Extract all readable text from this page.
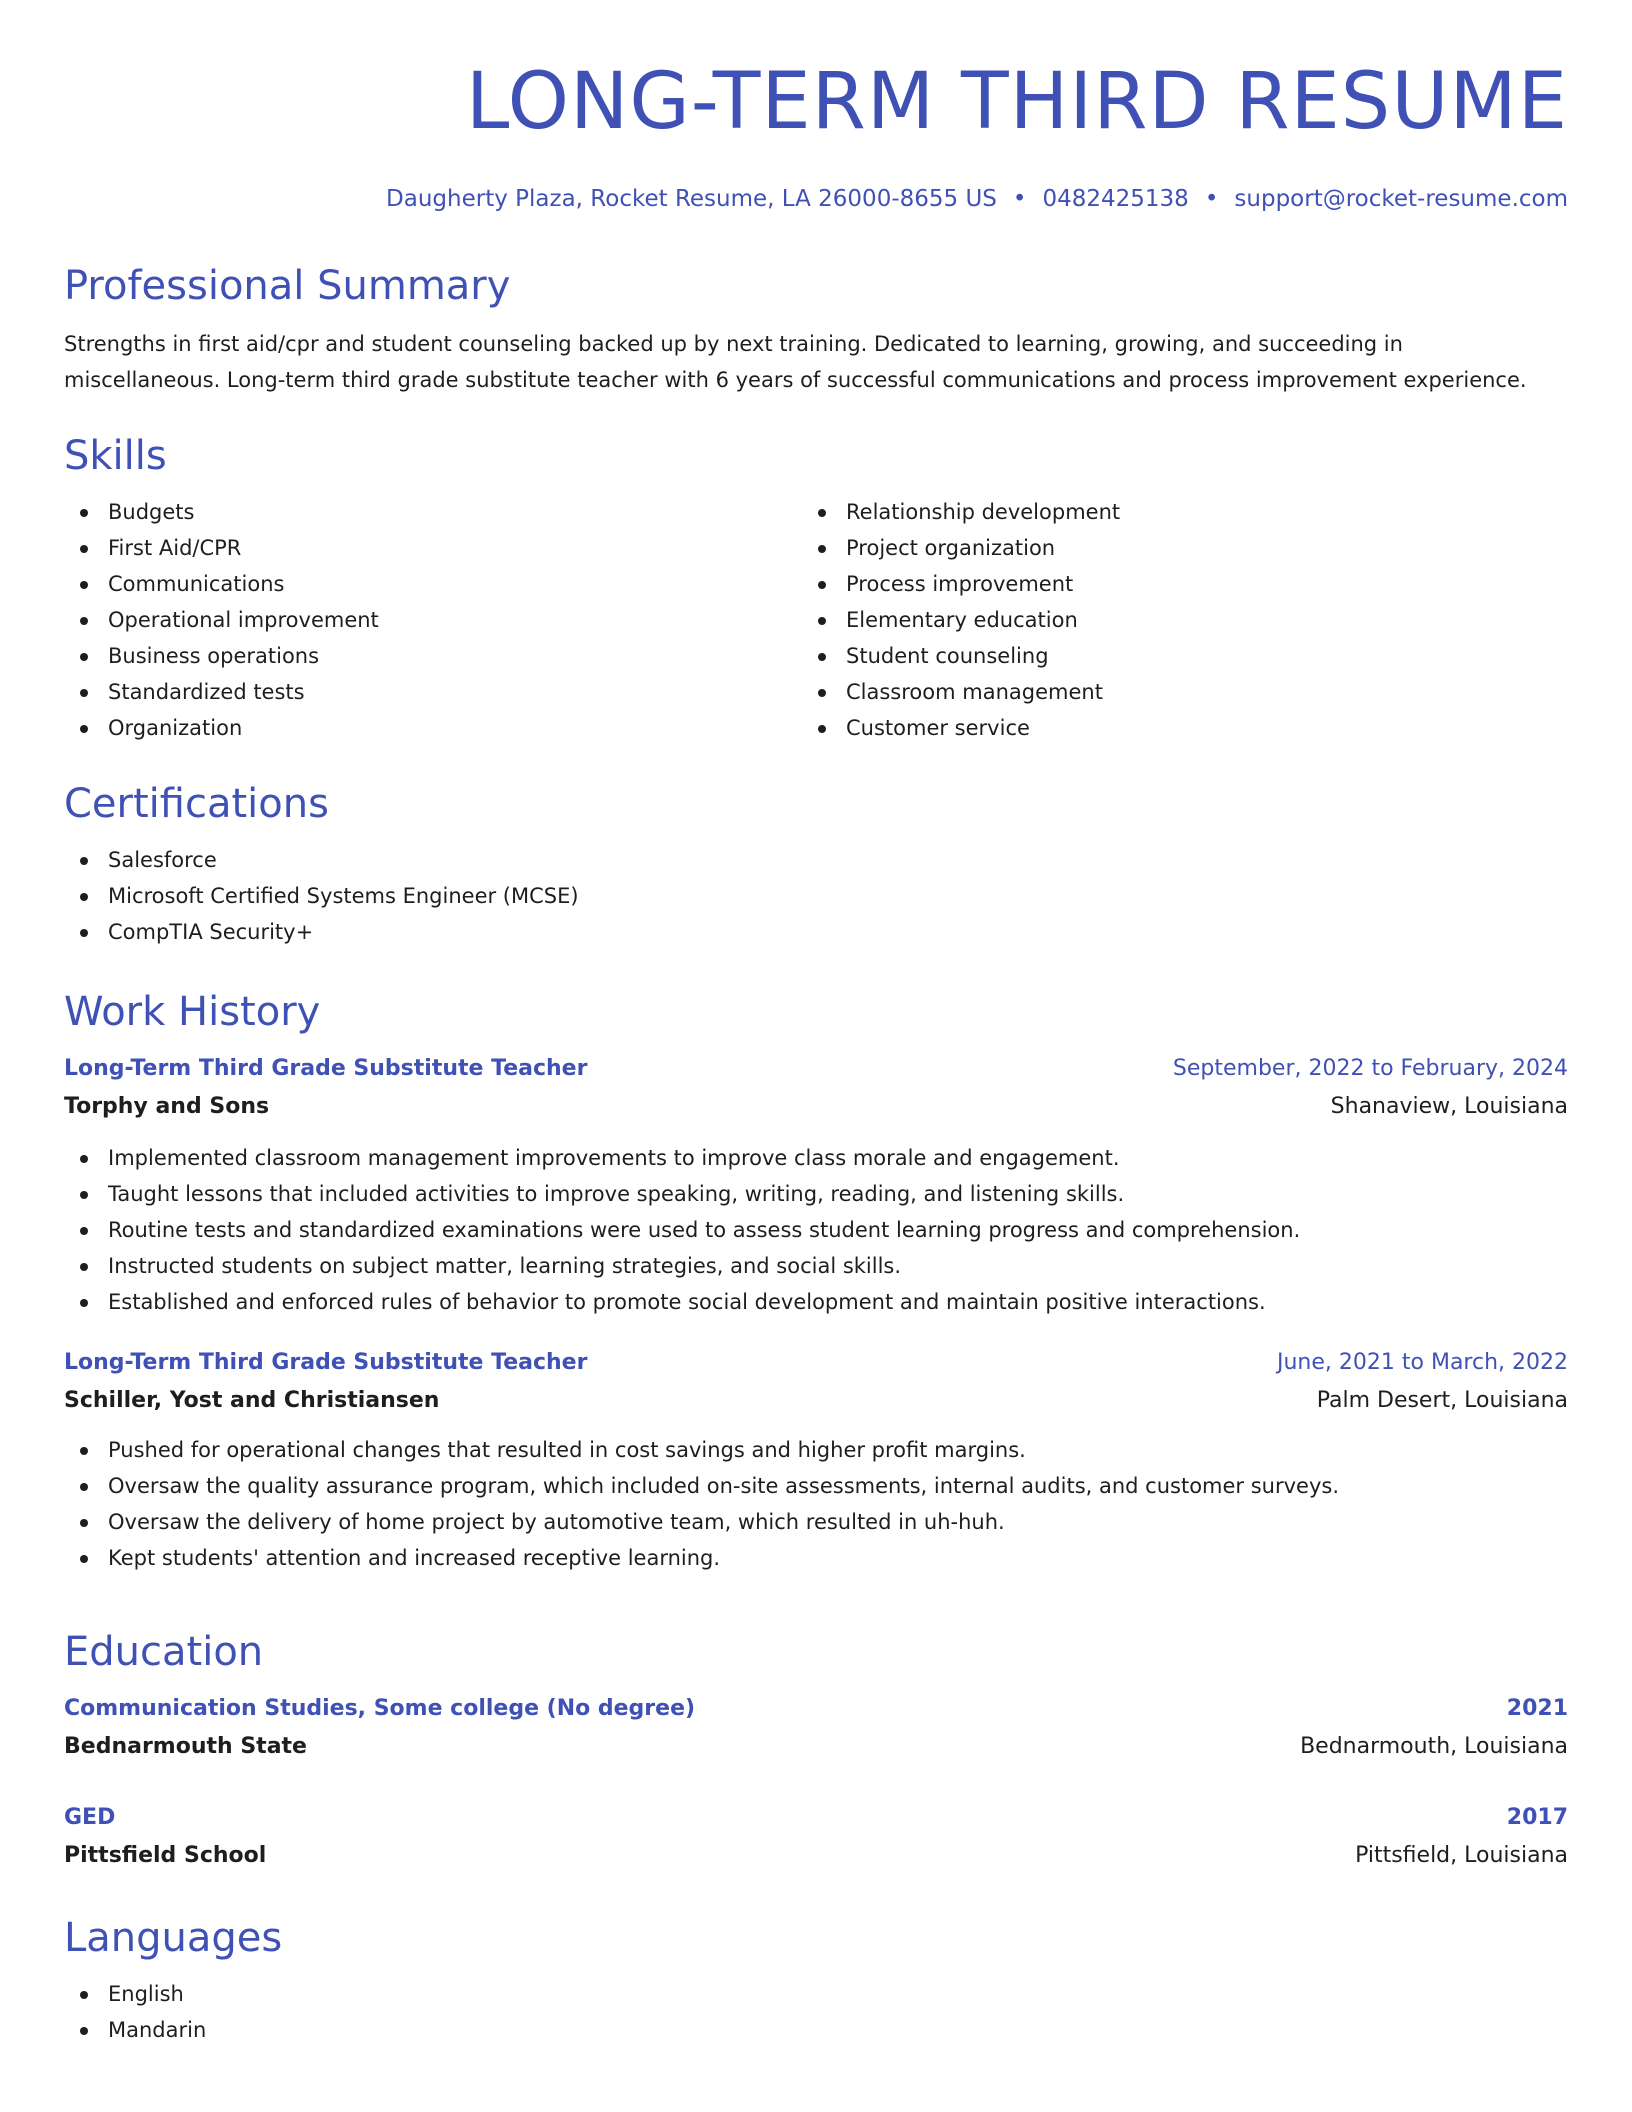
LONG-TERM THIRD RESUME
Daugherty Plaza, Rocket Resume, LA 26000-8655 US • 0482425138 • support@rocket-resume.com
Professional Summary

Strengths in first aid/cpr and student counseling backed up by next training. Dedicated to learning, growing, and succeeding in miscellaneous. Long-term third grade substitute teacher with 6 years of successful communications and process improvement experience.

Skills
Budgets
First Aid/CPR
Communications
Operational improvement
Business operations
Standardized tests
Organization
Relationship development
Project organization
Process improvement
Elementary education
Student counseling
Classroom management
Customer service
Certifications
Salesforce
Microsoft Certified Systems Engineer (MCSE)
CompTIA Security+
Work History
Long-Term Third Grade Substitute Teacher	September, 2022 to February, 2024
Torphy and Sons	Shanaview, Louisiana
Implemented classroom management improvements to improve class morale and engagement.
Taught lessons that included activities to improve speaking, writing, reading, and listening skills.
Routine tests and standardized examinations were used to assess student learning progress and comprehension.
Instructed students on subject matter, learning strategies, and social skills.
Established and enforced rules of behavior to promote social development and maintain positive interactions.
Long-Term Third Grade Substitute Teacher	June, 2021 to March, 2022
Schiller, Yost and Christiansen	Palm Desert, Louisiana
Pushed for operational changes that resulted in cost savings and higher profit margins.
Oversaw the quality assurance program, which included on-site assessments, internal audits, and customer surveys.
Oversaw the delivery of home project by automotive team, which resulted in uh-huh.
Kept students' attention and increased receptive learning.
Education
Communication Studies, Some college (No degree)	2021
Bednarmouth State	Bednarmouth, Louisiana
GED	2017
Pittsfield School	Pittsfield, Louisiana
Languages
English
Mandarin
